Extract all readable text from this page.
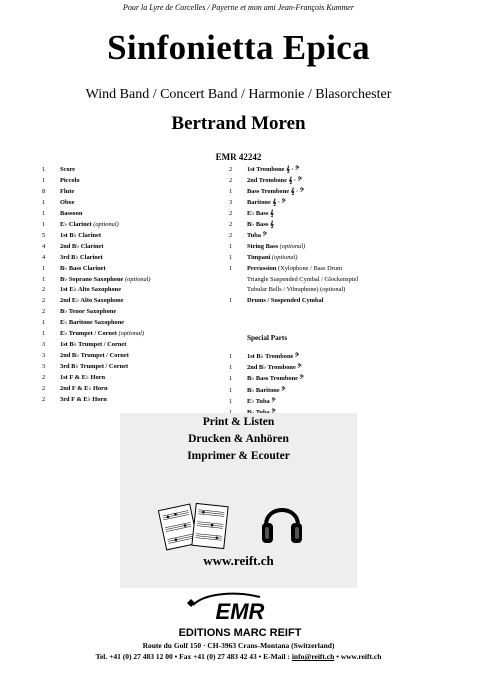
Pour la Lyre de Corcelles / Payerne et mon ami Jean-François Kummer
Sinfonietta Epica
Wind Band / Concert Band / Harmonie / Blasorchester
Bertrand Moren
EMR 42242
1	Score
1	Piccolo
8	Flute
1	Oboe
1	Bassoon
1	E♭ Clarinet (optional)
5	1st B♭ Clarinet
4	2nd B♭ Clarinet
4	3rd B♭ Clarinet
1	B♭ Bass Clarinet
1	B♭ Soprano Saxophone (optional)
2	1st E♭ Alto Saxophone
2	2nd E♭ Alto Saxophone
2	B♭ Tenor Saxophone
1	E♭ Baritone Saxophone
1	E♭ Trumpet / Cornet (optional)
3	1st B♭ Trumpet / Cornet
3	2nd B♭ Trumpet / Cornet
3	3rd B♭ Trumpet / Cornet
2	1st F & E♭ Horn
2	2nd F & E♭ Horn
2	3rd F & E♭ Horn
2	1st Trombone 𝄞 · 𝄢
2	2nd Trombone 𝄞 · 𝄢
1	Bass Trombone 𝄞 · 𝄢
3	Baritone 𝄞 · 𝄢
2	E♭ Bass 𝄞
2	B♭ Bass 𝄞
2	Tuba 𝄢
1	String Bass (optional)
1	Timpani (optional)
1	Percussion (Xylophone / Bass Drum
Triangle Suspended Cymbal / Glockenspiel
Tubular Bells / Vibraphone) (optional)
1	Drums / Suspended Cymbal
Special Parts
1	1st B♭ Trombone 𝄢
1	2nd B♭ Trombone 𝄢
1	B♭ Bass Trombone 𝄢
1	B♭ Baritone 𝄢
1	E♭ Tuba 𝄢
Print & Listen
Drucken & Anhören
Imprimer & Ecouter
www.reift.ch
EMR
EDITIONS MARC REIFT
Route du Golf 150 · CH-3963 Crans-Montana (Switzerland)
Tel. +41 (0) 27 483 12 00 • Fax +41 (0) 27 483 42 43 • E-Mail : info@reift.ch • www.reift.ch
